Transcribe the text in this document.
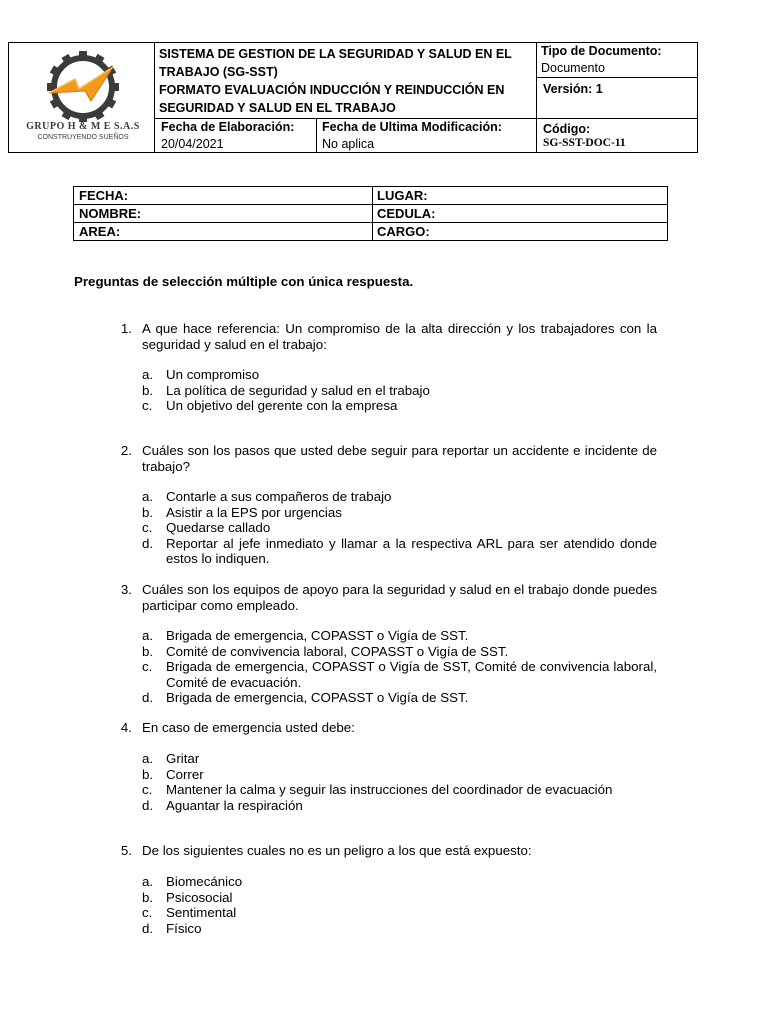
GRUPO H & M E S.A.S
CONSTRUYENDO SUEÑOS
SISTEMA DE GESTION DE LA SEGURIDAD Y SALUD EN EL TRABAJO (SG-SST)
FORMATO EVALUACIÓN INDUCCIÓN Y REINDUCCIÓN EN SEGURIDAD Y SALUD EN EL TRABAJO
Tipo de Documento:
Documento
Versión: 1
Fecha de Elaboración:
20/04/2021
Fecha de Ultima Modificación:
No aplica
Código:
SG-SST-DOC-11
FECHA:	LUGAR:
NOMBRE:	CEDULA:
AREA:	CARGO:
Preguntas de selección múltiple con única respuesta.
1. A que hace referencia: Un compromiso de la alta dirección y los trabajadores con la seguridad y salud en el trabajo:
a. Un compromiso
b. La política de seguridad y salud en el trabajo
c. Un objetivo del gerente con la empresa
2. Cuáles son los pasos que usted debe seguir para reportar un accidente e incidente de trabajo?
a. Contarle a sus compañeros de trabajo
b. Asistir a la EPS por urgencias
c. Quedarse callado
d. Reportar al jefe inmediato y llamar a la respectiva ARL para ser atendido donde estos lo indiquen.
3. Cuáles son los equipos de apoyo para la seguridad y salud en el trabajo donde puedes participar como empleado.
a. Brigada de emergencia, COPASST o Vigía de SST.
b. Comité de convivencia laboral, COPASST o Vigía de SST.
c. Brigada de emergencia, COPASST o Vigía de SST, Comité de convivencia laboral, Comité de evacuación.
d. Brigada de emergencia, COPASST o Vigía de SST.
4. En caso de emergencia usted debe:
a. Gritar
b. Correr
c. Mantener la calma y seguir las instrucciones del coordinador de evacuación
d. Aguantar la respiración
5. De los siguientes cuales no es un peligro a los que está expuesto:
a. Biomecánico
b. Psicosocial
c. Sentimental
d. Físico
